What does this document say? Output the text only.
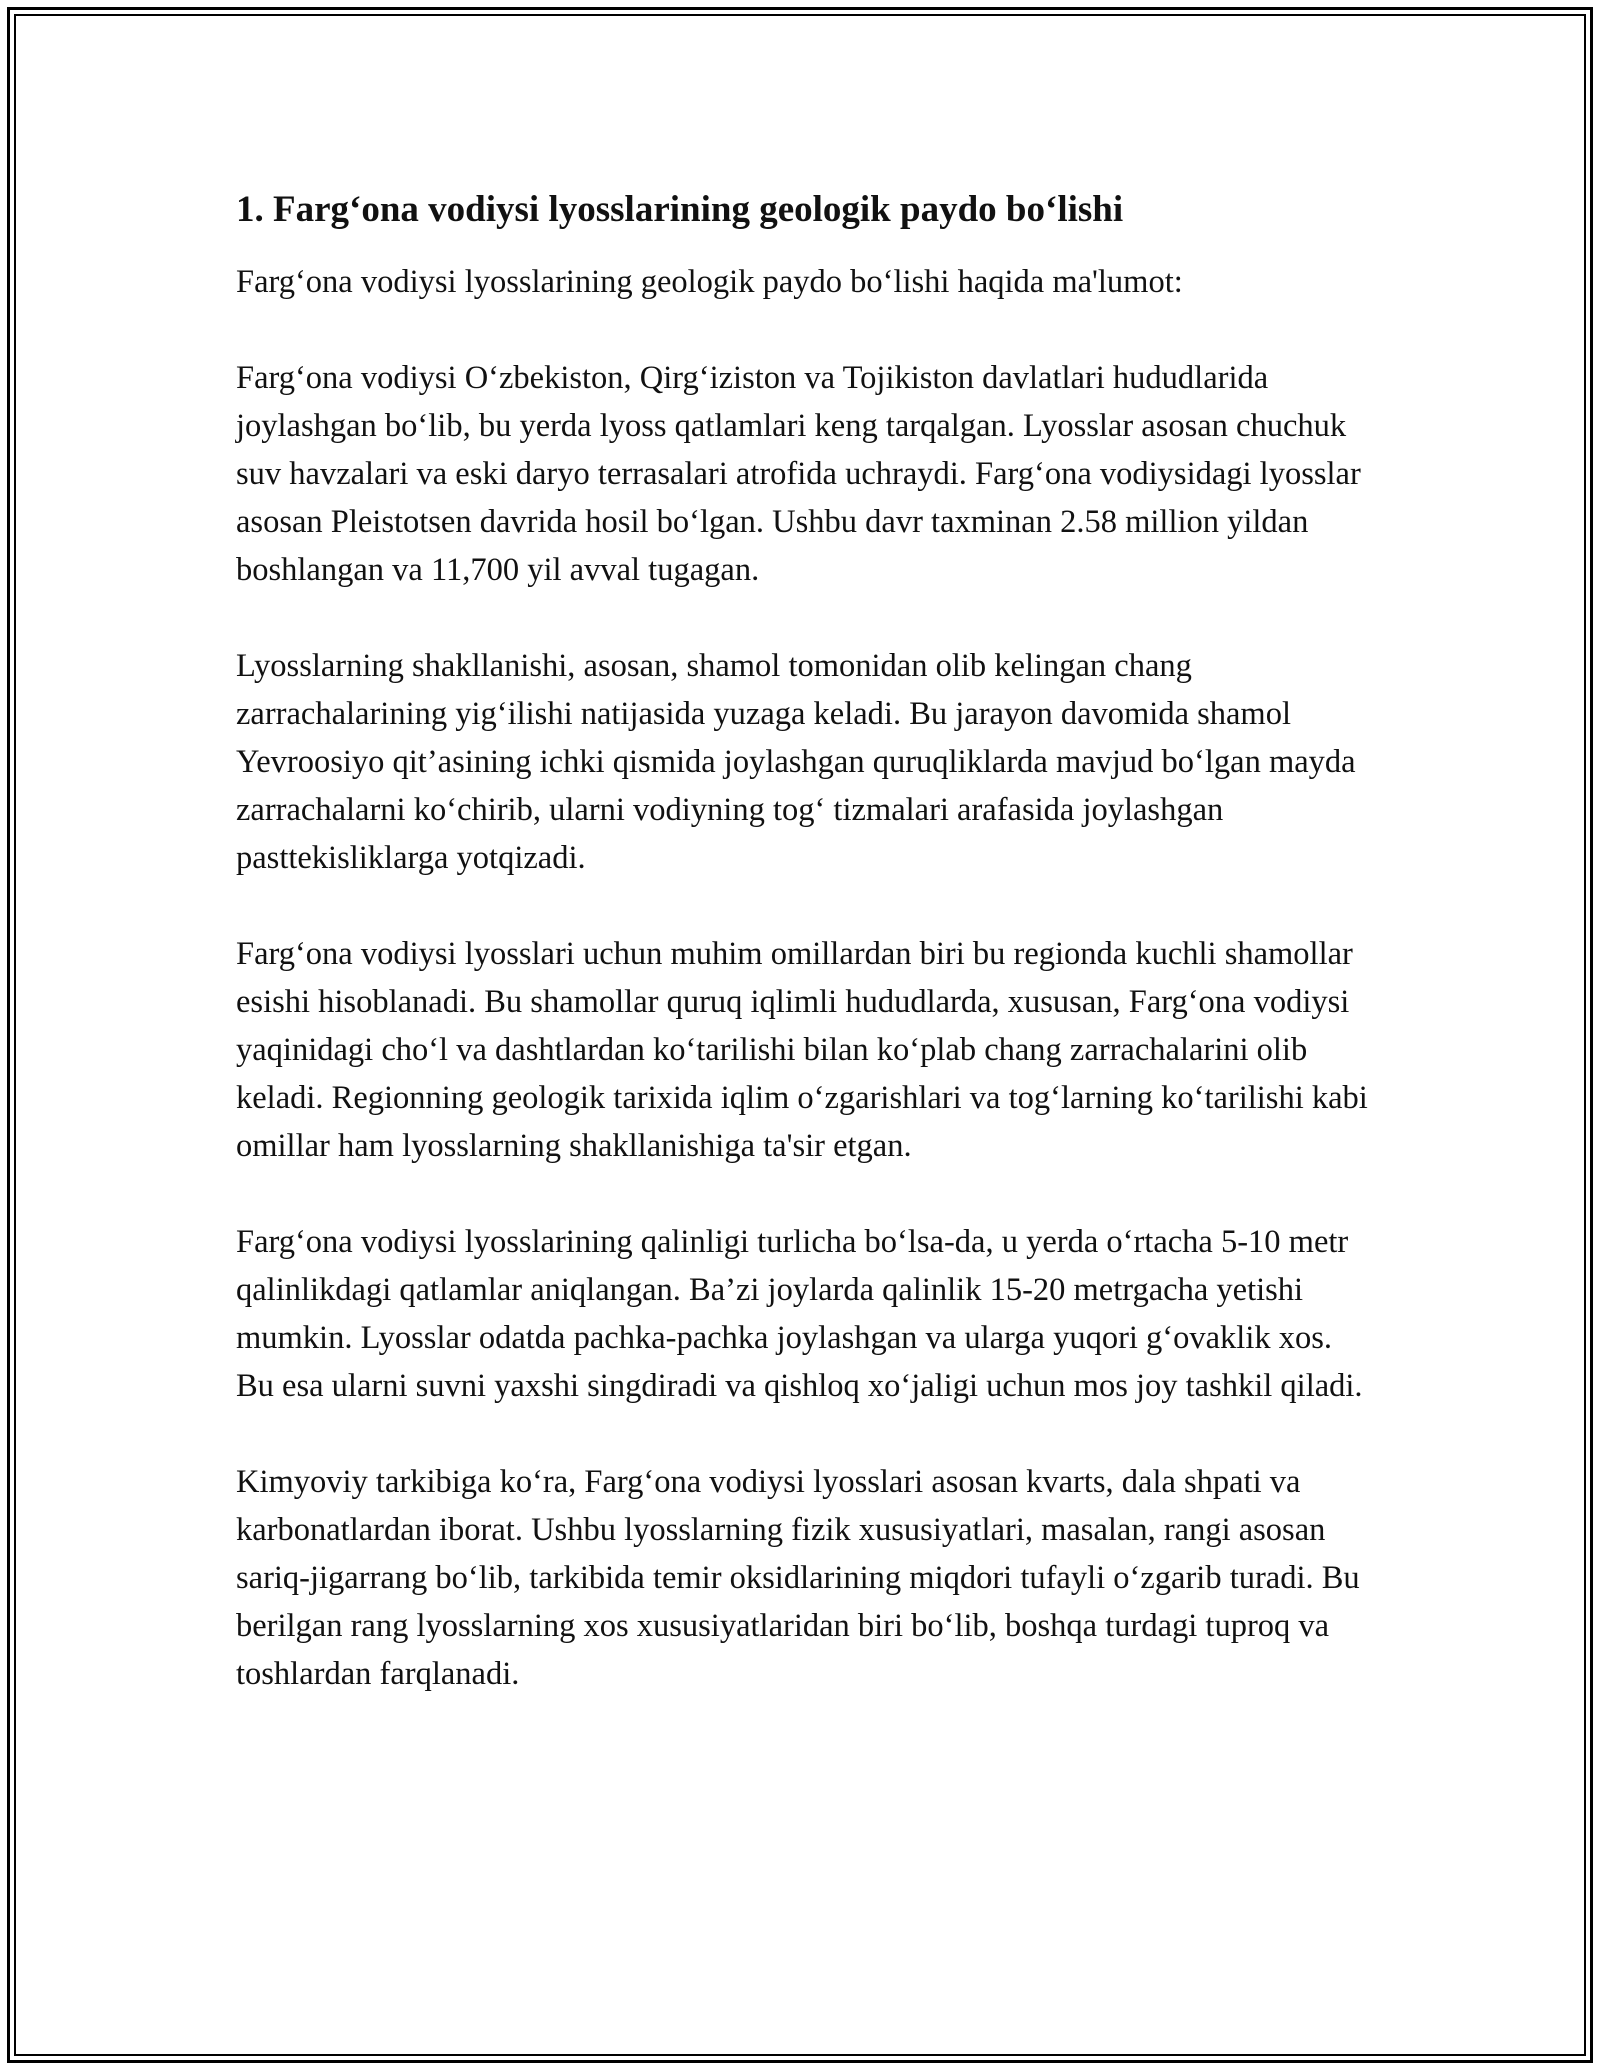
1. Farg‘ona vodiysi lyosslarining geologik paydo bo‘lishi

Farg‘ona vodiysi lyosslarining geologik paydo bo‘lishi haqida ma'lumot:

Farg‘ona vodiysi O‘zbekiston, Qirg‘iziston va Tojikiston davlatlari hududlarida joylashgan bo‘lib, bu yerda lyoss qatlamlari keng tarqalgan. Lyosslar asosan chuchuk suv havzalari va eski daryo terrasalari atrofida uchraydi. Farg‘ona vodiysidagi lyosslar asosan Pleistotsen davrida hosil bo‘lgan. Ushbu davr taxminan 2.58 million yildan boshlangan va 11,700 yil avval tugagan.

Lyosslarning shakllanishi, asosan, shamol tomonidan olib kelingan chang zarrachalarining yig‘ilishi natijasida yuzaga keladi. Bu jarayon davomida shamol Yevroosiyo qit’asining ichki qismida joylashgan quruqliklarda mavjud bo‘lgan mayda zarrachalarni ko‘chirib, ularni vodiyning tog‘ tizmalari arafasida joylashgan pasttekisliklarga yotqizadi.

Farg‘ona vodiysi lyosslari uchun muhim omillardan biri bu regionda kuchli shamollar esishi hisoblanadi. Bu shamollar quruq iqlimli hududlarda, xususan, Farg‘ona vodiysi yaqinidagi cho‘l va dashtlardan ko‘tarilishi bilan ko‘plab chang zarrachalarini olib keladi. Regionning geologik tarixida iqlim o‘zgarishlari va tog‘larning ko‘tarilishi kabi omillar ham lyosslarning shakllanishiga ta'sir etgan.

Farg‘ona vodiysi lyosslarining qalinligi turlicha bo‘lsa-da, u yerda o‘rtacha 5-10 metr qalinlikdagi qatlamlar aniqlangan. Ba’zi joylarda qalinlik 15-20 metrgacha yetishi mumkin. Lyosslar odatda pachka-pachka joylashgan va ularga yuqori g‘ovaklik xos. Bu esa ularni suvni yaxshi singdiradi va qishloq xo‘jaligi uchun mos joy tashkil qiladi.

Kimyoviy tarkibiga ko‘ra, Farg‘ona vodiysi lyosslari asosan kvarts, dala shpati va karbonatlardan iborat. Ushbu lyosslarning fizik xususiyatlari, masalan, rangi asosan sariq-jigarrang bo‘lib, tarkibida temir oksidlarining miqdori tufayli o‘zgarib turadi. Bu berilgan rang lyosslarning xos xususiyatlaridan biri bo‘lib, boshqa turdagi tuproq va toshlardan farqlanadi.
